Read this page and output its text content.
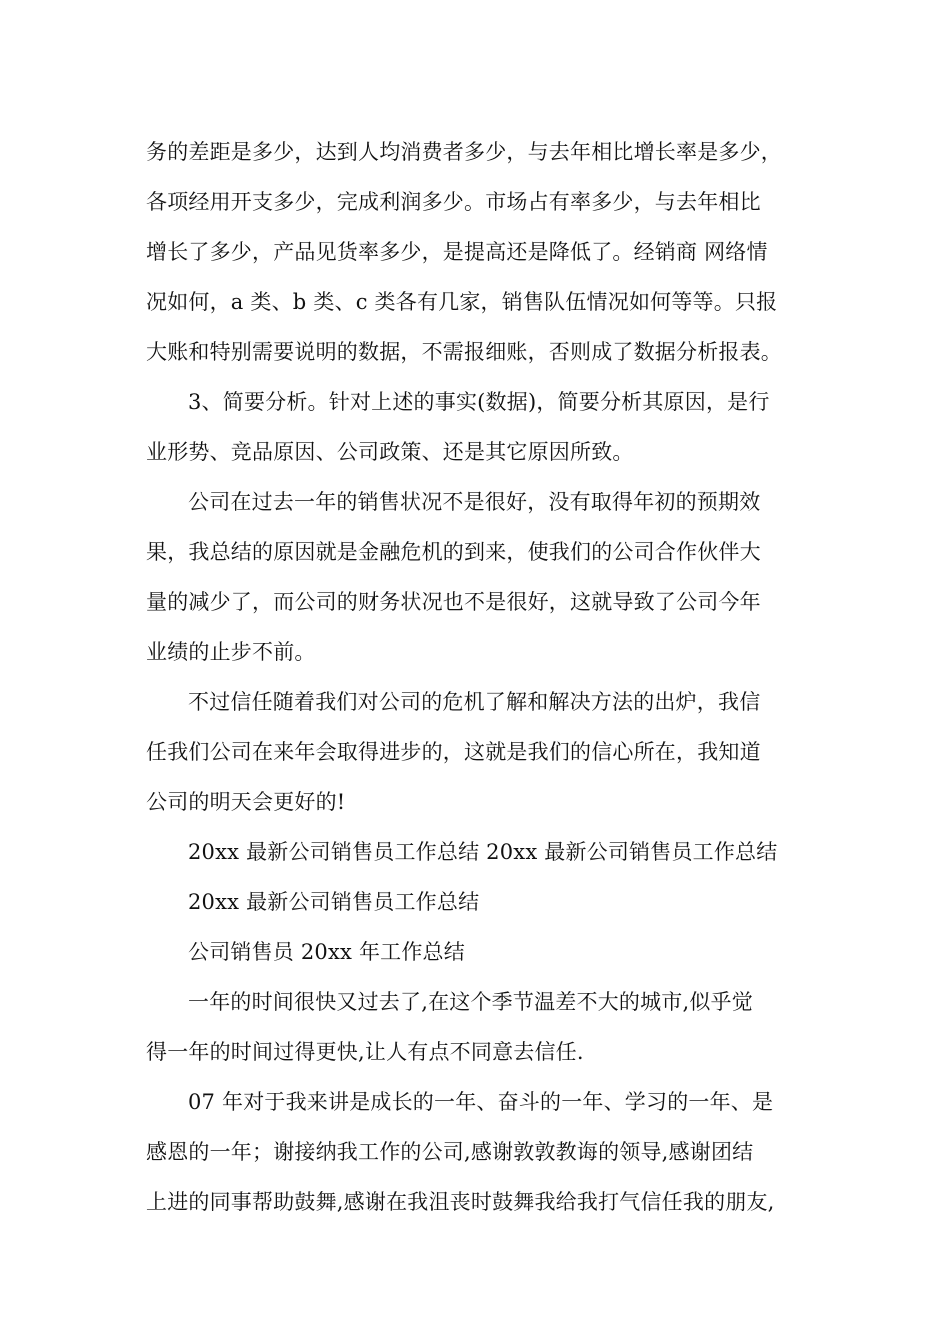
务的差距是多少，达到人均消费者多少，与去年相比增长率是多少，
各项经用开支多少，完成利润多少。市场占有率多少，与去年相比
增长了多少，产品见货率多少，是提高还是降低了。经销商 网络情
况如何，a 类、b 类、c 类各有几家，销售队伍情况如何等等。只报
大账和特别需要说明的数据，不需报细账，否则成了数据分析报表。
3、简要分析。针对上述的事实(数据)，简要分析其原因，是行
业形势、竞品原因、公司政策、还是其它原因所致。
公司在过去一年的销售状况不是很好，没有取得年初的预期效
果，我总结的原因就是金融危机的到来，使我们的公司合作伙伴大
量的减少了，而公司的财务状况也不是很好，这就导致了公司今年
业绩的止步不前。
不过信任随着我们对公司的危机了解和解决方法的出炉，我信
任我们公司在来年会取得进步的，这就是我们的信心所在，我知道
公司的明天会更好的!
20xx 最新公司销售员工作总结 20xx 最新公司销售员工作总结
20xx 最新公司销售员工作总结
公司销售员 20xx 年工作总结
一年的时间很快又过去了,在这个季节温差不大的城市,似乎觉
得一年的时间过得更快,让人有点不同意去信任.
07 年对于我来讲是成长的一年、奋斗的一年、学习的一年、是
感恩的一年；谢接纳我工作的公司,感谢敦敦教诲的领导,感谢团结
上进的同事帮助鼓舞,感谢在我沮丧时鼓舞我给我打气信任我的朋友,
